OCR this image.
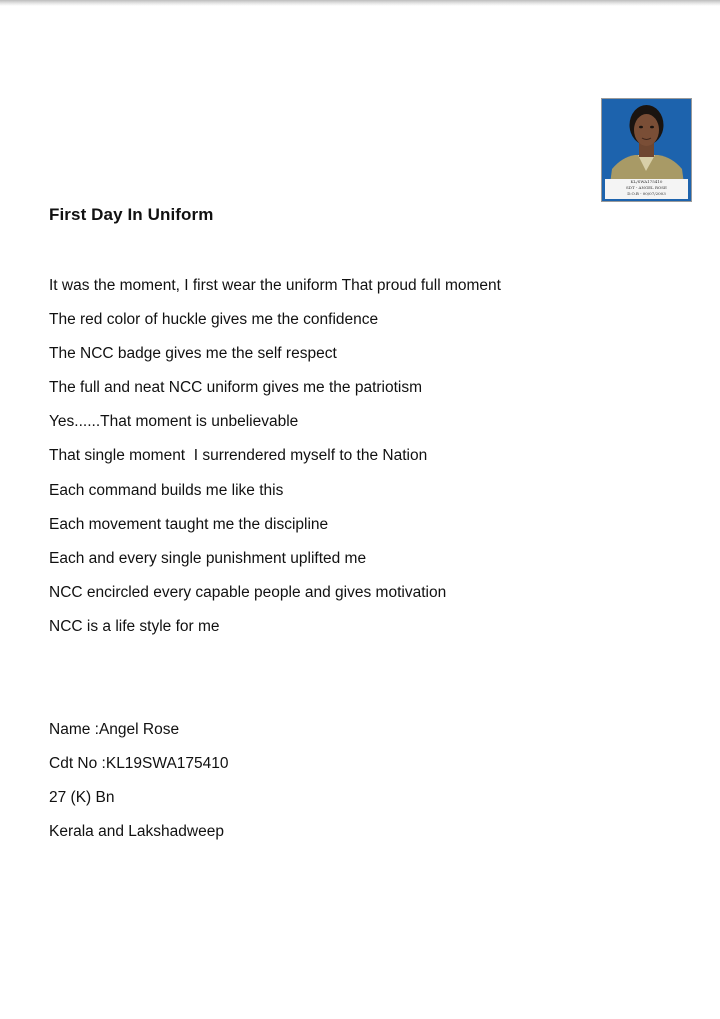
KL/SWA175410
SDT - ANGEL ROSE
D.O.B - 00/07/2003
First Day In Uniform
It was the moment, I first wear the uniform That proud full moment
The red color of huckle gives me the confidence
The NCC badge gives me the self respect
The full and neat NCC uniform gives me the patriotism
Yes......That moment is unbelievable
That single moment  I surrendered myself to the Nation
Each command builds me like this
Each movement taught me the discipline
Each and every single punishment uplifted me
NCC encircled every capable people and gives motivation
NCC is a life style for me
Name :Angel Rose
Cdt No :KL19SWA175410
27 (K) Bn
Kerala and Lakshadweep
